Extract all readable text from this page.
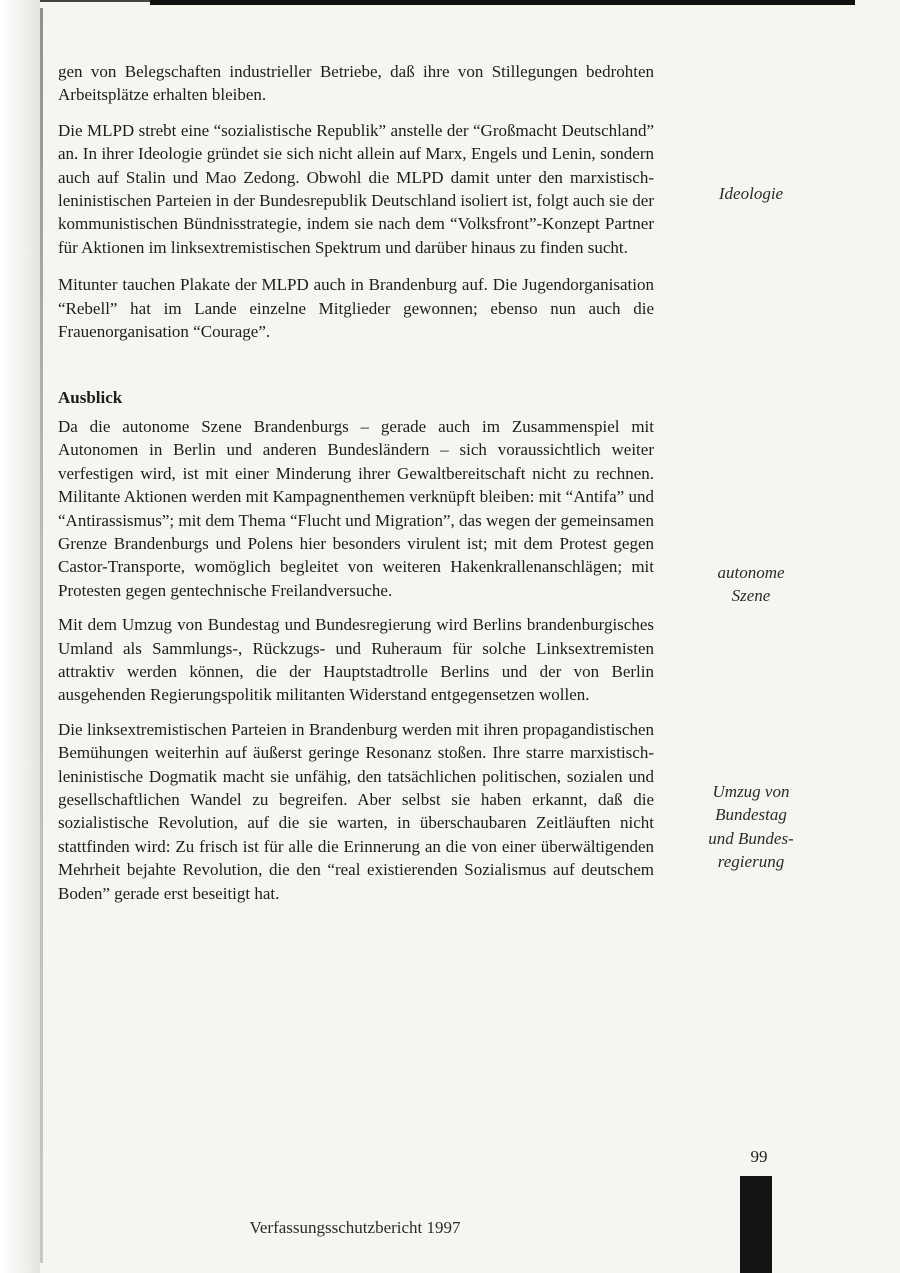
gen von Belegschaften industrieller Betriebe, daß ihre von Stillegungen bedrohten Arbeitsplätze erhalten bleiben.

Die MLPD strebt eine “sozialistische Republik” anstelle der “Großmacht Deutschland” an. In ihrer Ideologie gründet sie sich nicht allein auf Marx, Engels und Lenin, sondern auch auf Stalin und Mao Zedong. Obwohl die MLPD damit unter den marxistisch-leninistischen Parteien in der Bundesrepublik Deutschland isoliert ist, folgt auch sie der kommunistischen Bündnisstrategie, indem sie nach dem “Volksfront”-Konzept Partner für Aktionen im linksextremistischen Spektrum und darüber hinaus zu finden sucht.

Mitunter tauchen Plakate der MLPD auch in Brandenburg auf. Die Jugendorganisation “Rebell” hat im Lande einzelne Mitglieder gewonnen; ebenso nun auch die Frauenorganisation “Courage”.

Ausblick

Da die autonome Szene Brandenburgs – gerade auch im Zusammenspiel mit Autonomen in Berlin und anderen Bundesländern – sich voraussichtlich weiter verfestigen wird, ist mit einer Minderung ihrer Gewaltbereitschaft nicht zu rechnen. Militante Aktionen werden mit Kampagnenthemen verknüpft bleiben: mit “Antifa” und “Antirassismus”; mit dem Thema “Flucht und Migration”, das wegen der gemeinsamen Grenze Brandenburgs und Polens hier besonders virulent ist; mit dem Protest gegen Castor-Transporte, womöglich begleitet von weiteren Hakenkrallenanschlägen; mit Protesten gegen gentechnische Freilandversuche.

Mit dem Umzug von Bundestag und Bundesregierung wird Berlins brandenburgisches Umland als Sammlungs-, Rückzugs- und Ruheraum für solche Linksextremisten attraktiv werden können, die der Hauptstadtrolle Berlins und der von Berlin ausgehenden Regierungspolitik militanten Widerstand entgegensetzen wollen.

Die linksextremistischen Parteien in Brandenburg werden mit ihren propagandistischen Bemühungen weiterhin auf äußerst geringe Resonanz stoßen. Ihre starre marxistisch-leninistische Dogmatik macht sie unfähig, den tatsächlichen politischen, sozialen und gesellschaftlichen Wandel zu begreifen. Aber selbst sie haben erkannt, daß die sozialistische Revolution, auf die sie warten, in überschaubaren Zeitläuften nicht stattfinden wird: Zu frisch ist für alle die Erinnerung an die von einer überwältigenden Mehrheit bejahte Revolution, die den “real existierenden Sozialismus auf deutschem Boden” gerade erst beseitigt hat.

Ideologie
autonome
Szene
Umzug von
Bundestag
und Bundes-
regierung
99
Verfassungsschutzbericht 1997
